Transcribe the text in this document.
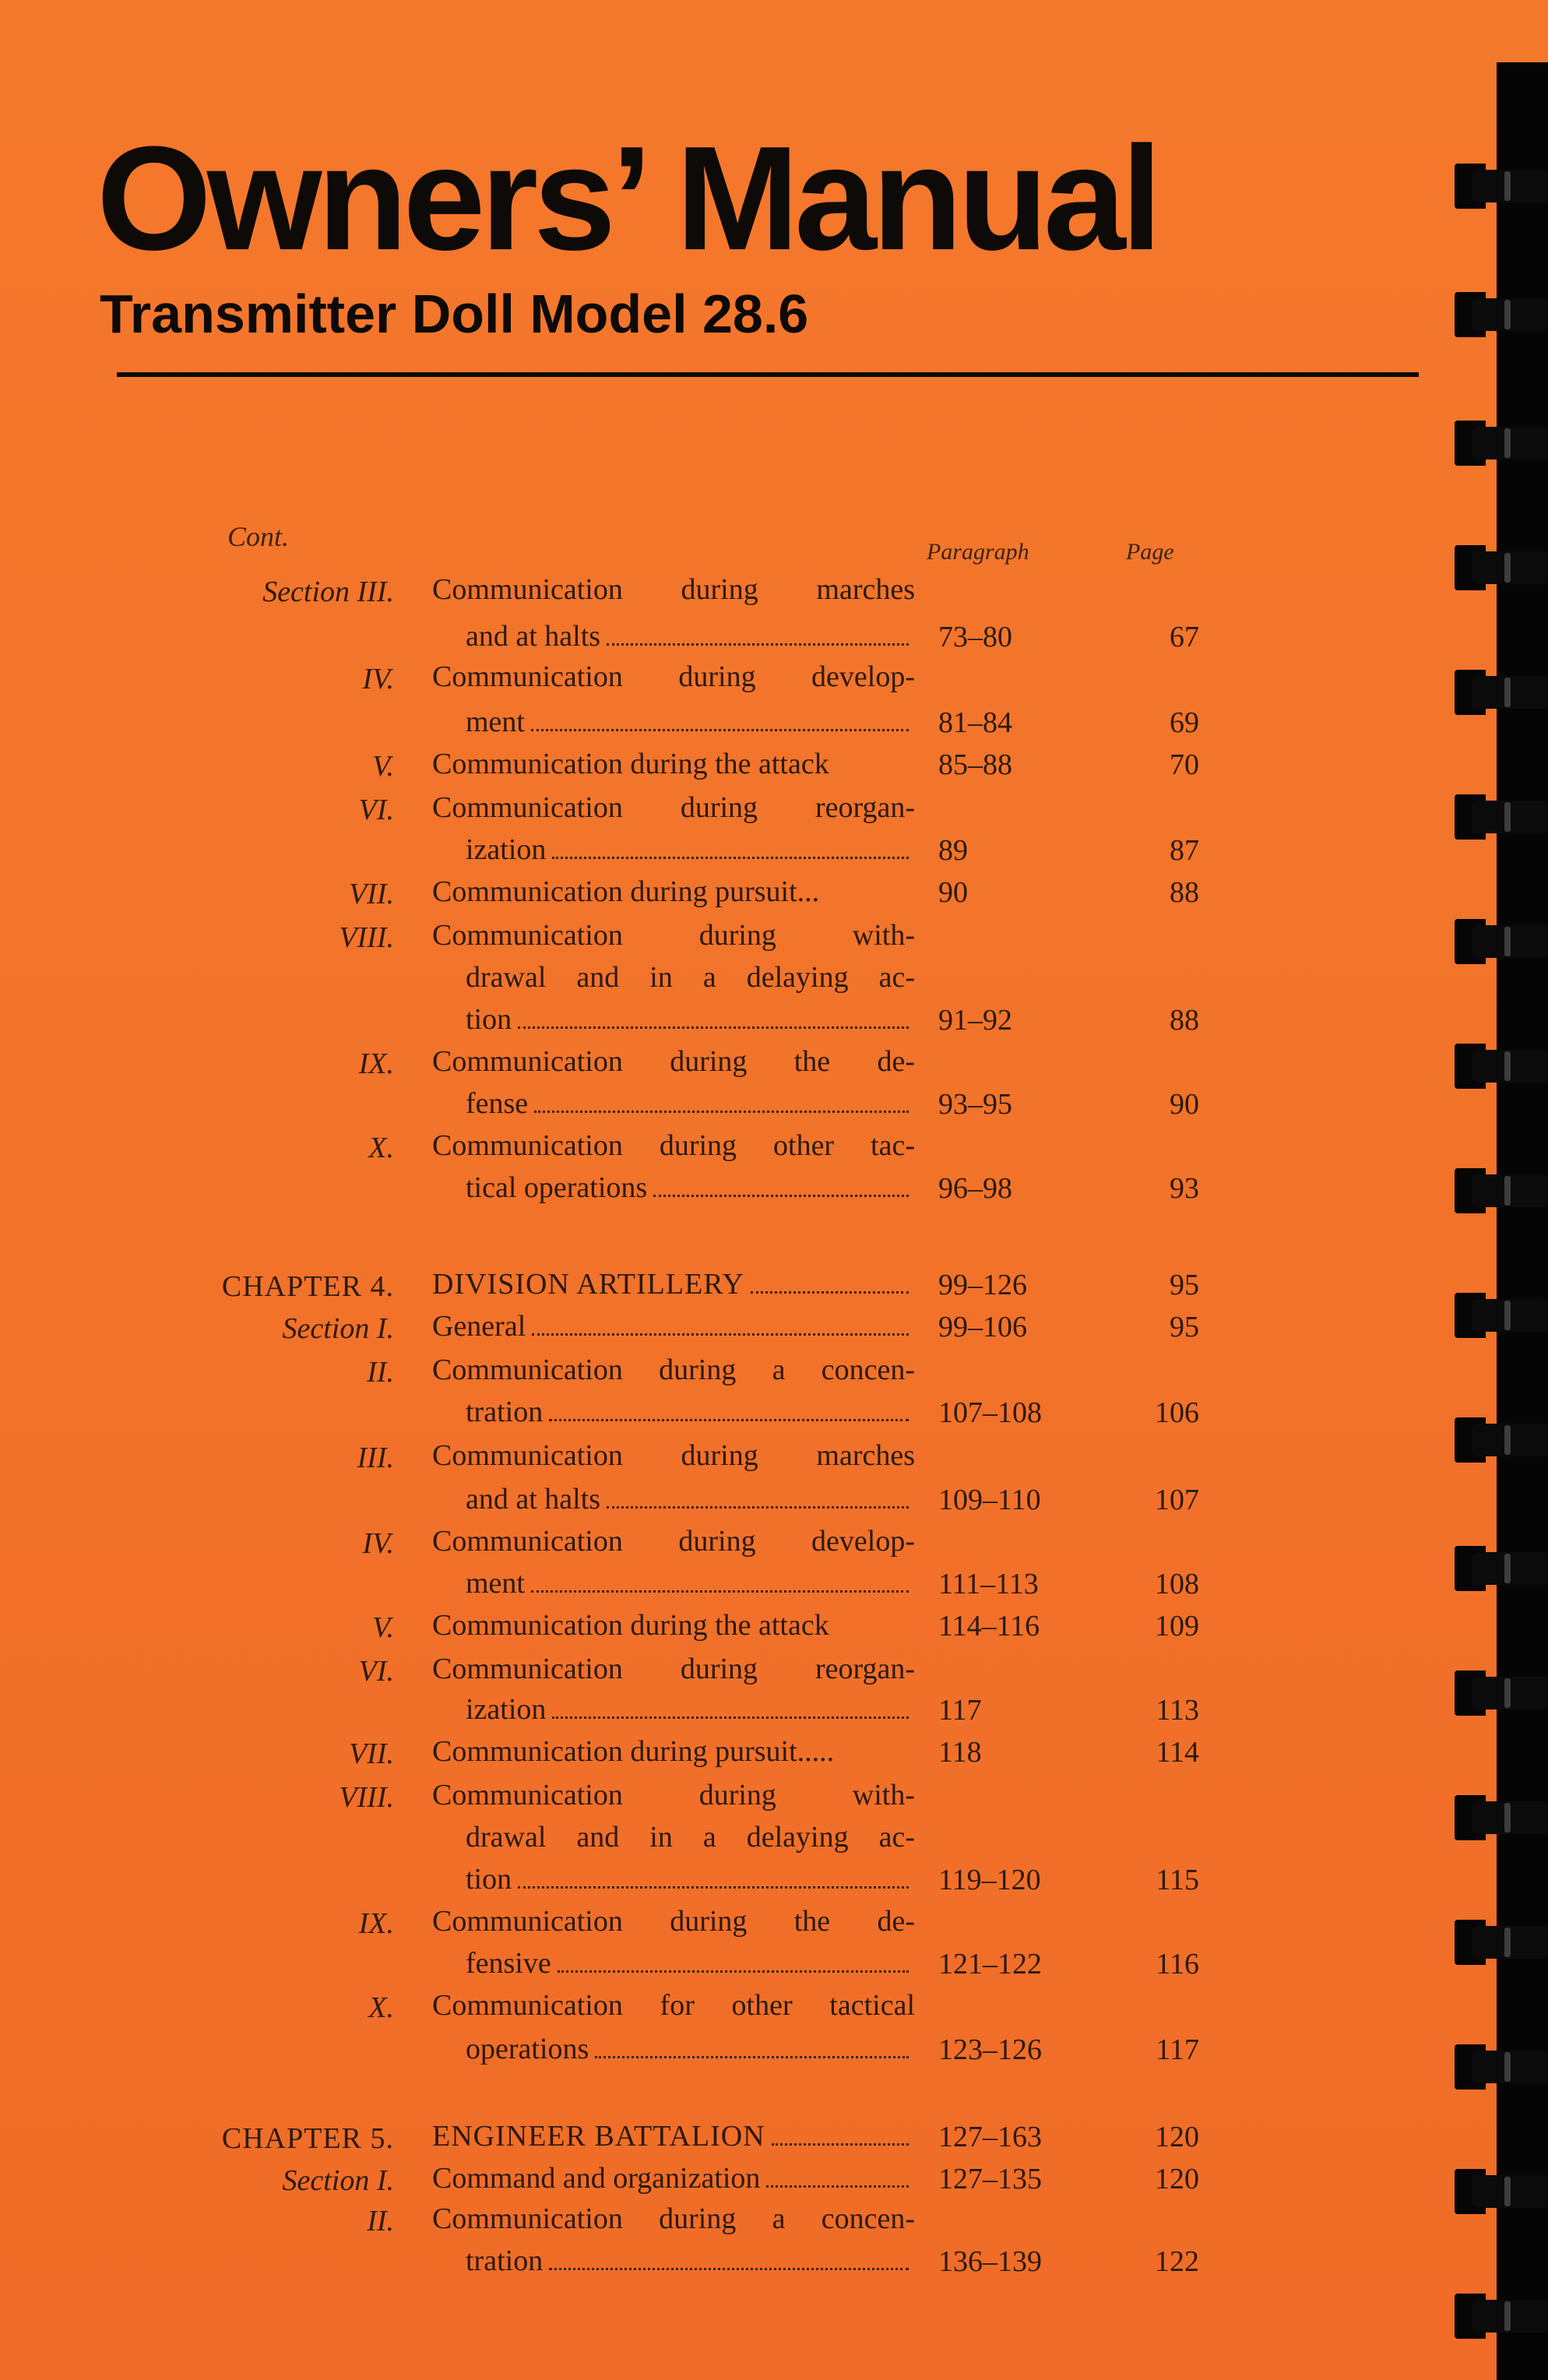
Owners’ Manual
Transmitter Doll Model 28.6
Cont.	Paragraph	Page
Section III. Communication during marches
and at halts	73–80	67
IV. Communication during develop-
ment	81–84	69
V. Communication during the attack	85–88	70
VI. Communication during reorgan-
ization	89	87
VII. Communication during pursuit...	90	88
VIII. Communication during with-
drawal and in a delaying ac-
tion	91–92	88
IX. Communication during the de-
fense	93–95	90
X. Communication during other tac-
tical operations	96–98	93
CHAPTER 4. DIVISION ARTILLERY	99–126	95
Section I. General	99–106	95
II. Communication during a concen-
tration	107–108	106
III. Communication during marches
and at halts	109–110	107
IV. Communication during develop-
ment	111–113	108
V. Communication during the attack	114–116	109
VI. Communication during reorgan-
ization	117	113
VII. Communication during pursuit.....	118	114
VIII. Communication during with-
drawal and in a delaying ac-
tion	119–120	115
IX. Communication during the de-
fensive	121–122	116
X. Communication for other tactical
operations	123–126	117
CHAPTER 5. ENGINEER BATTALION	127–163	120
Section I. Command and organization	127–135	120
II. Communication during a concen-
tration	136–139	122
